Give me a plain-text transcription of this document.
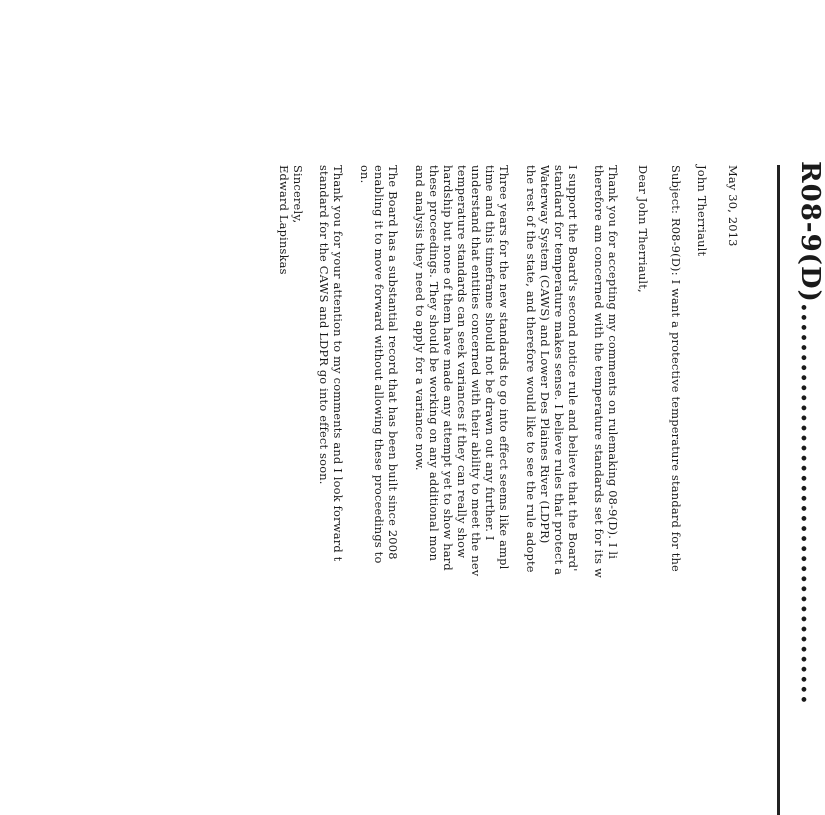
R08-9(D)........................................
May 30, 2013
John Therriault
Subject: R08-9(D): I want a protective temperature standard for the
Dear John Therriault,
Thank you for accepting my comments on rulemaking 08-9(D). I li
therefore am concerned with the temperature standards set for its w
I support the Board's second notice rule and believe that the Board'
standard for temperature makes sense. I believe rules that protect a
Waterway System (CAWS) and Lower Des Plaines River (LDPR)
the rest of the state, and therefore would like to see the rule adopte
Three years for the new standards to go into effect seems like ampl
time and this timeframe should not be drawn out any further. I
understand that entities concerned with their ability to meet the nev
temperature standards can seek variances if they can really show
hardship but none of them have made any attempt yet to show hard
these proceedings. They should be working on any additional mon
and analysis they need to apply for a variance now.
The Board has a substantial record that has been built since 2008
enabling it to move forward without allowing these proceedings to
on.
Thank you for your attention to my comments and I look forward t
standard for the CAWS and LDPR go into effect soon.
Sincerely,
Edward Lapinskas
